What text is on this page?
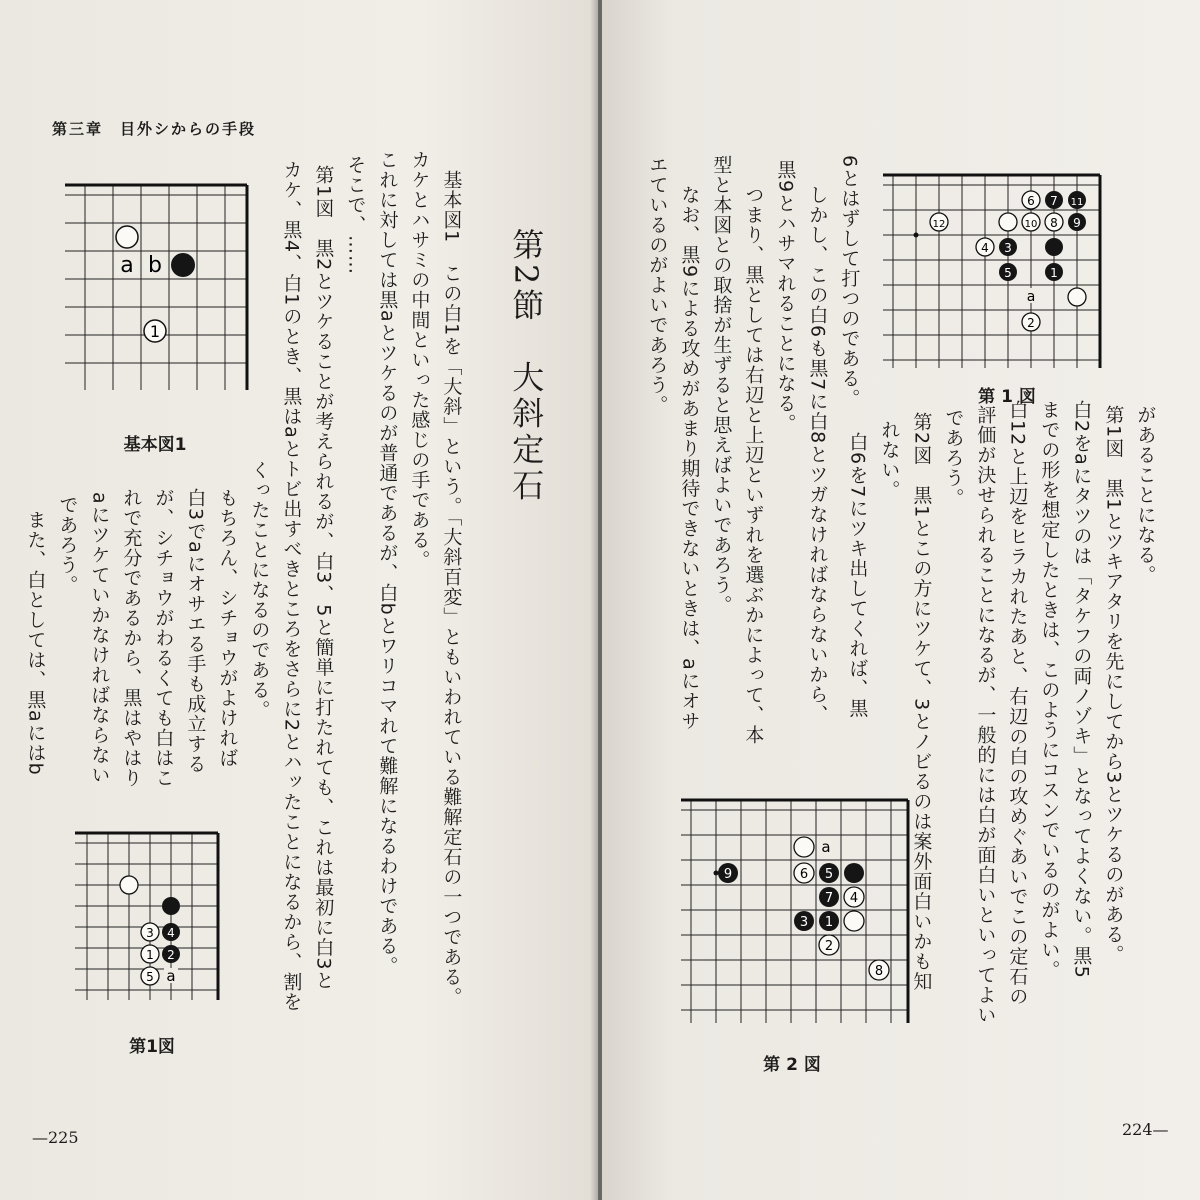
第三章　目外シからの手段
a b
1
基本図1
3 4
1 2
5 a
第1図
第2節　大斜定石
基本図1　この白1を「大斜」という。「大斜百変」ともいわれている難解定石の一つである。
カケとハサミの中間といった感じの手である。
これに対しては黒aとツケるのが普通であるが、白bとワリコマれて難解になるわけである。
そこで、……
第1図　黒2とツケることが考えられるが、白3、5と簡単に打たれても、これは最初に白3と
カケ、黒4、白1のとき、黒はaとトビ出すべきところをさらに2とハッたことになるから、割を
くったことになるのである。
もちろん、シチョウがよければ
白3でaにオサエる手も成立する
が、シチョウがわるくても白はこ
れで充分であるから、黒はやはり
aにツケていかなければならない
であろう。
また、白としては、黒aにはb
—225
6とはずして打つのである。
しかし、この白6も黒7に白8とツガなければならないから、
黒9とハサマれることになる。
つまり、黒としては右辺と上辺といずれを選ぶかによって、本
型と本図との取捨が生ずると思えばよいであろう。
なお、黒9による攻めがあまり期待できないときは、aにオサ
エているのがよいであろう。	6 7 11
10 8 9
12
4 3
5	1
a
2
第 1 図
があることになる。
第1図　黒1とツキアタリを先にしてから3とツケるのがある。
白2をaにタツのは「タケフの両ノゾキ」となってよくない。黒5
までの形を想定したときは、このようにコスンでいるのがよい。
白12と上辺をヒラカれたあと、右辺の白の攻めぐあいでこの定石の
評価が決せられることになるが、一般的には白が面白いといってよい
であろう。
第2図　黒1とこの方にツケて、3とノビるのは案外面白いかも知
れない。
白6を7にツキ出してくれば、黒
a
9	6 5
7 4
3 1
2
8
第 2 図
224—
